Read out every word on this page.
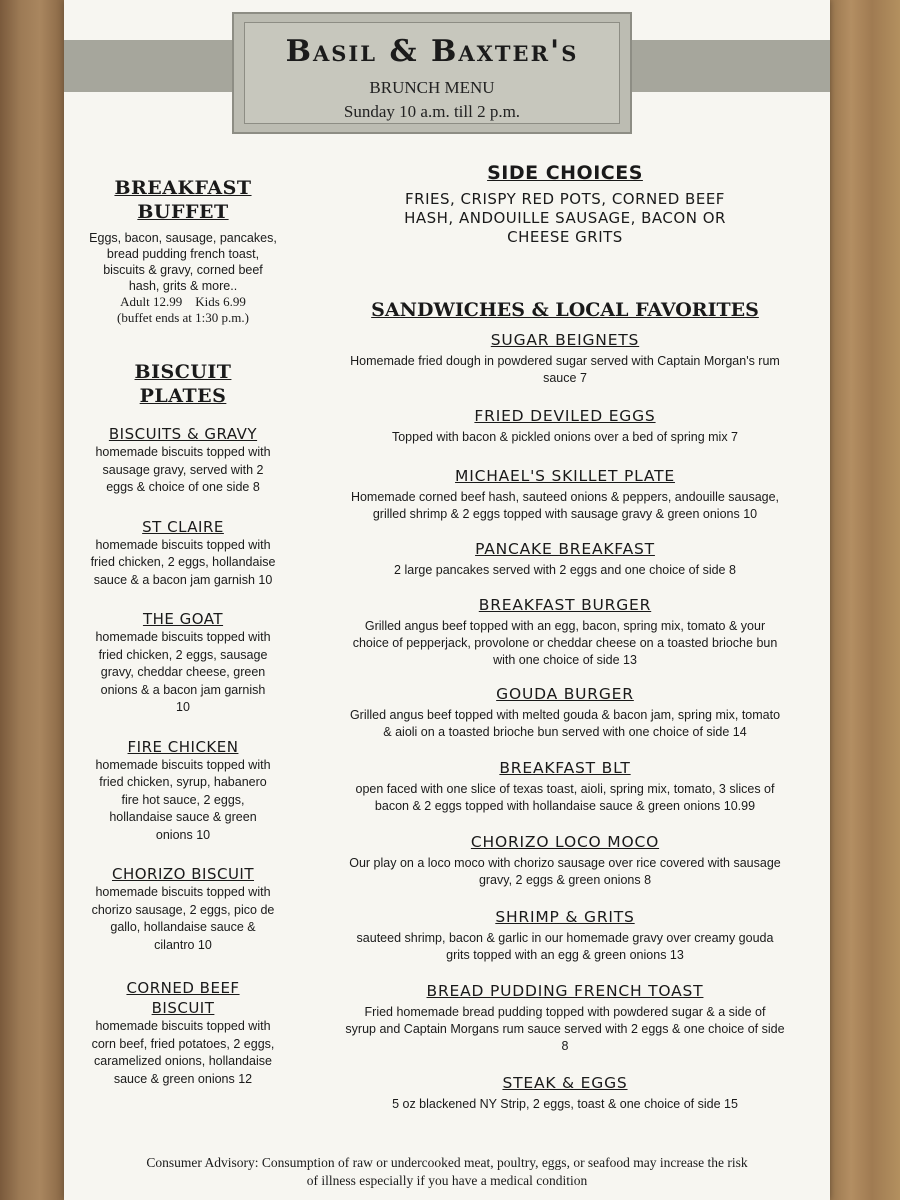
Basil & Baxter's
BRUNCH MENU
Sunday 10 a.m. till 2 p.m.
BREAKFAST
BUFFET
Eggs, bacon, sausage, pancakes,
bread pudding french toast,
biscuits & gravy, corned beef
hash, grits & more..
Adult 12.99    Kids 6.99
(buffet ends at 1:30 p.m.)
BISCUIT
PLATES
BISCUITS & GRAVY
homemade biscuits topped with
sausage gravy, served with 2
eggs & choice of one side 8
ST CLAIRE
homemade biscuits topped with
fried chicken, 2 eggs, hollandaise
sauce & a bacon jam garnish 10
THE GOAT
homemade biscuits topped with
fried chicken, 2 eggs, sausage
gravy, cheddar cheese, green
onions & a bacon jam garnish
10
FIRE CHICKEN
homemade biscuits topped with
fried chicken, syrup, habanero
fire hot sauce, 2 eggs,
hollandaise sauce & green
onions 10
CHORIZO BISCUIT
homemade biscuits topped with
chorizo sausage, 2 eggs, pico de
gallo, hollandaise sauce &
cilantro 10
CORNED BEEF
BISCUIT
homemade biscuits topped with
corn beef, fried potatoes, 2 eggs,
caramelized onions, hollandaise
sauce & green onions 12
SIDE CHOICES
FRIES, CRISPY RED POTS, CORNED BEEF
HASH, ANDOUILLE SAUSAGE, BACON OR
CHEESE GRITS
SANDWICHES & LOCAL FAVORITES
SUGAR BEIGNETS
Homemade fried dough in powdered sugar served with Captain Morgan's rum
sauce 7
FRIED DEVILED EGGS
Topped with bacon & pickled onions over a bed of spring mix 7
MICHAEL'S SKILLET PLATE
Homemade corned beef hash, sauteed onions & peppers, andouille sausage,
grilled shrimp & 2 eggs topped with sausage gravy & green onions 10
PANCAKE BREAKFAST
2 large pancakes served with 2 eggs and one choice of side 8
BREAKFAST BURGER
Grilled angus beef topped with an egg, bacon, spring mix, tomato & your
choice of pepperjack, provolone or cheddar cheese on a toasted brioche bun
with one choice of side 13
GOUDA BURGER
Grilled angus beef topped with melted gouda & bacon jam, spring mix, tomato
& aioli on a toasted brioche bun served with one choice of side 14
BREAKFAST BLT
open faced with one slice of texas toast, aioli, spring mix, tomato, 3 slices of
bacon & 2 eggs topped with hollandaise sauce & green onions 10.99
CHORIZO LOCO MOCO
Our play on a loco moco with chorizo sausage over rice covered with sausage
gravy, 2 eggs & green onions 8
SHRIMP & GRITS
sauteed shrimp, bacon & garlic in our homemade gravy over creamy gouda
grits topped with an egg & green onions 13
BREAD PUDDING FRENCH TOAST
Fried homemade bread pudding topped with powdered sugar & a side of
syrup and Captain Morgans rum sauce served with 2 eggs & one choice of side
8
STEAK & EGGS
5 oz blackened NY Strip, 2 eggs, toast & one choice of side 15
Consumer Advisory: Consumption of raw or undercooked meat, poultry, eggs, or seafood may increase the risk
of illness especially if you have a medical condition
